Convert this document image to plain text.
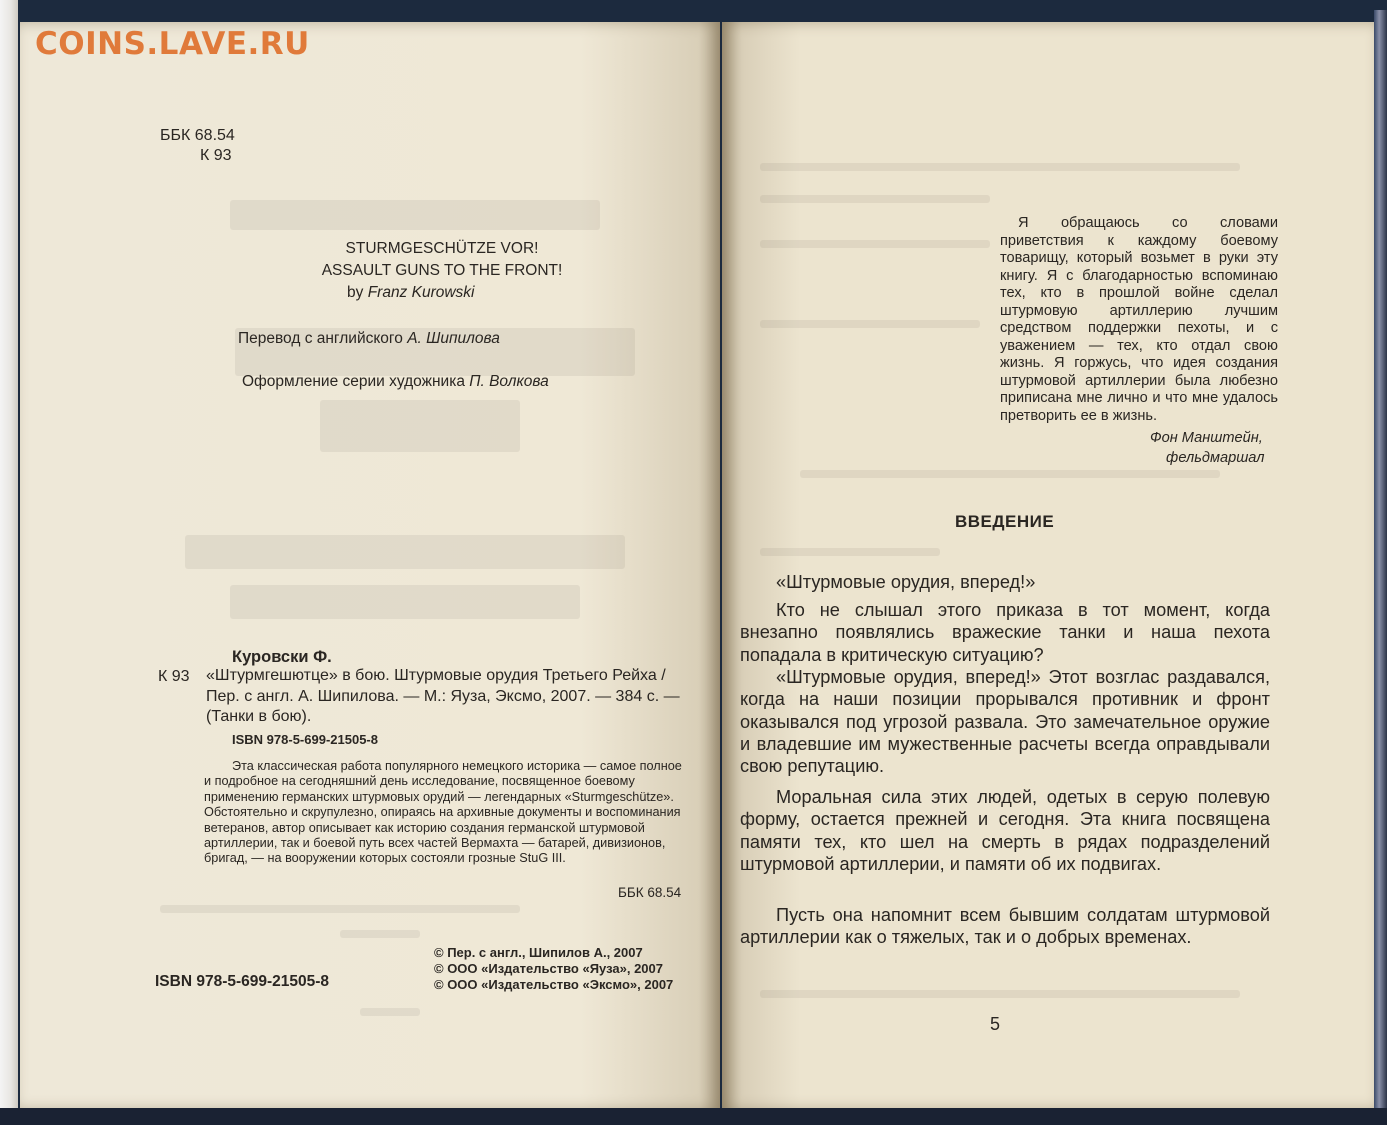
COINS.LAVE.RU
ББК 68.54
К 93
STURMGESCHÜTZE VOR!
ASSAULT GUNS TO THE FRONT!
by Franz Kurowski
Перевод с английского А. Шипилова
Оформление серии художника П. Волкова
Куровски Ф.
К 93 «Штурмгешютце» в бою. Штурмовые орудия Третьего Рейха / Пер. с англ. А. Шипилова. — М.: Яуза, Эксмо, 2007. — 384 с. — (Танки в бою).
ISBN 978-5-699-21505-8
Эта классическая работа популярного немецкого историка — самое полное и подробное на сегодняшний день исследование, посвященное боевому применению германских штурмовых орудий — легендарных «Sturmgeschütze». Обстоятельно и скрупулезно, опираясь на архивные документы и воспоминания ветеранов, автор описывает как историю создания германской штурмовой артиллерии, так и боевой путь всех частей Вермахта — батарей, дивизионов, бригад, — на вооружении которых состояли грозные StuG III.
ББК 68.54
ISBN 978-5-699-21505-8
© Пер. с англ., Шипилов А., 2007
© ООО «Издательство «Яуза», 2007
© ООО «Издательство «Эксмо», 2007
Я обращаюсь со словами приветствия к каждому боевому товарищу, который возьмет в руки эту книгу. Я с благодарностью вспоминаю тех, кто в прошлой войне сделал штурмовую артиллерию лучшим средством поддержки пехоты, и с уважением — тех, кто отдал свою жизнь. Я горжусь, что идея создания штурмовой артиллерии была любезно приписана мне лично и что мне удалось претворить ее в жизнь.
Фон Манштейн,
фельдмаршал
ВВЕДЕНИЕ
«Штурмовые орудия, вперед!»
Кто не слышал этого приказа в тот момент, когда внезапно появлялись вражеские танки и наша пехота попадала в критическую ситуацию?
«Штурмовые орудия, вперед!» Этот возглас раздавался, когда на наши позиции прорывался противник и фронт оказывался под угрозой развала. Это замечательное оружие и владевшие им мужественные расчеты всегда оправдывали свою репутацию.
Моральная сила этих людей, одетых в серую полевую форму, остается прежней и сегодня. Эта книга посвящена памяти тех, кто шел на смерть в рядах подразделений штурмовой артиллерии, и памяти об их подвигах.
Пусть она напомнит всем бывшим солдатам штурмовой артиллерии как о тяжелых, так и о добрых временах.
5
